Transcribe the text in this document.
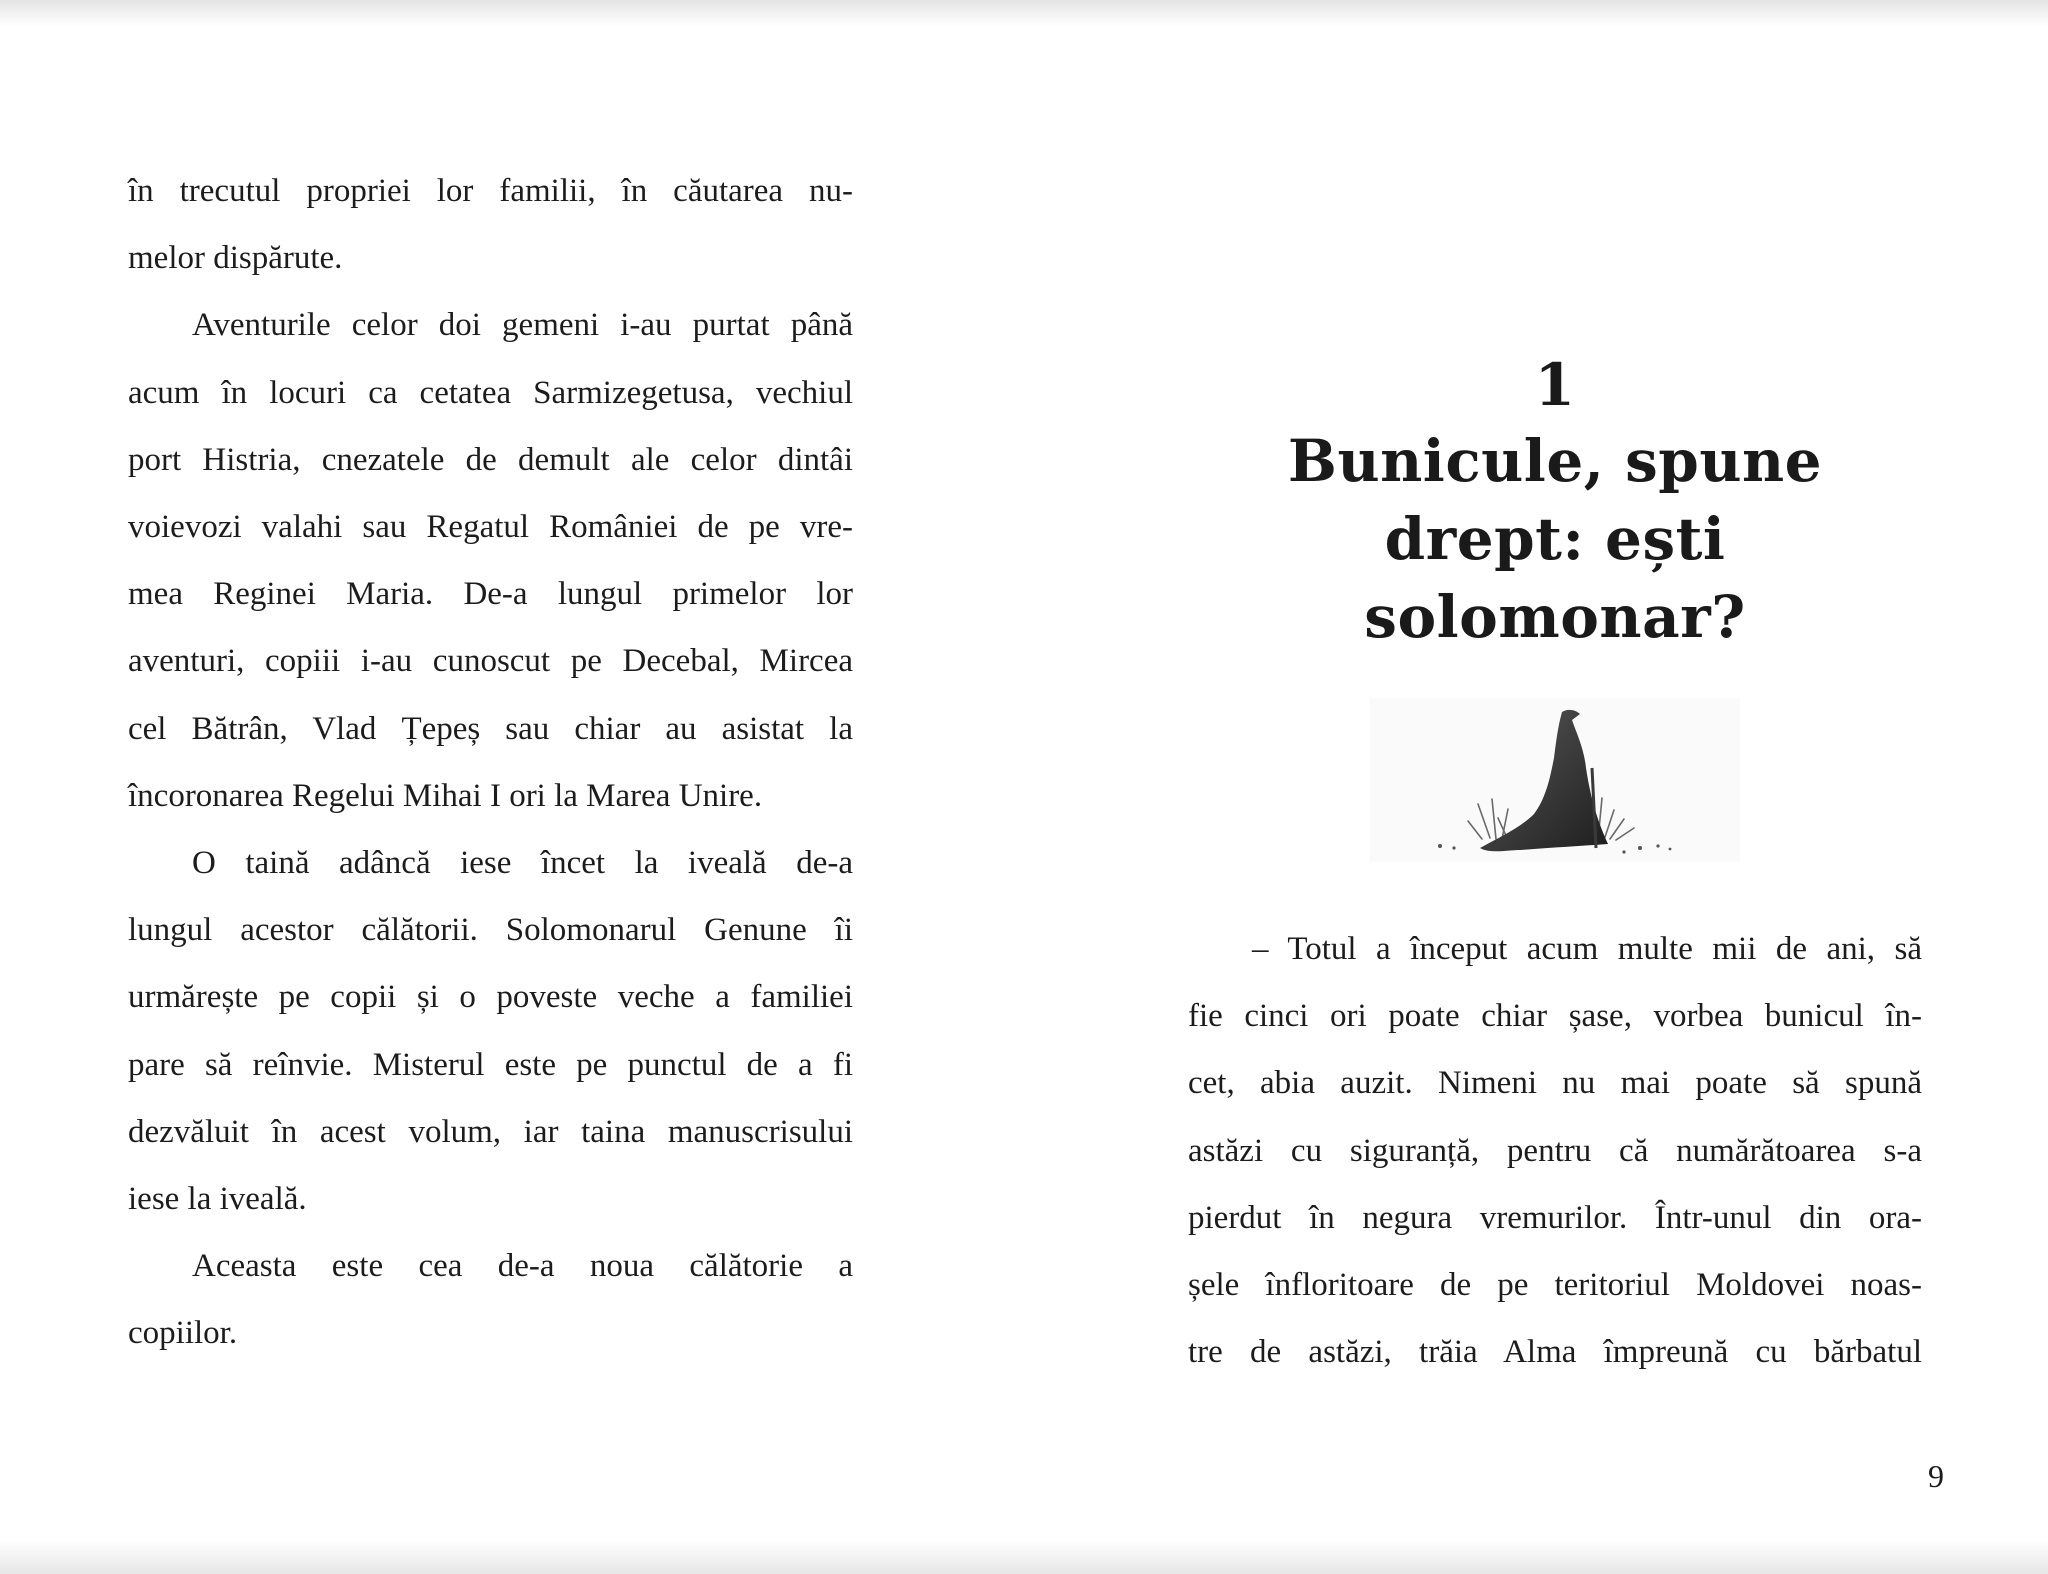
în trecutul propriei lor familii, în căutarea nu-
melor dispărute.

Aventurile celor doi gemeni i-au purtat până
acum în locuri ca cetatea Sarmizegetusa, vechiul
port Histria, cnezatele de demult ale celor dintâi
voievozi valahi sau Regatul României de pe vre-
mea Reginei Maria. De-a lungul primelor lor
aventuri, copiii i-au cunoscut pe Decebal, Mircea
cel Bătrân, Vlad Țepeș sau chiar au asistat la
încoronarea Regelui Mihai I ori la Marea Unire.

O taină adâncă iese încet la iveală de-a
lungul acestor călătorii. Solomonarul Genune îi
urmărește pe copii și o poveste veche a familiei
pare să reînvie. Misterul este pe punctul de a fi
dezvăluit în acest volum, iar taina manuscrisului
iese la iveală.

Aceasta este cea de-a noua călătorie a
copiilor.

1
Bunicule, spune
drept: ești solomonar?

– Totul a început acum multe mii de ani, să
fie cinci ori poate chiar șase, vorbea bunicul în-
cet, abia auzit. Nimeni nu mai poate să spună
astăzi cu siguranță, pentru că numărătoarea s-a
pierdut în negura vremurilor. Într-unul din ora-
șele înfloritoare de pe teritoriul Moldovei noas-
tre de astăzi, trăia Alma împreună cu bărbatul

9
